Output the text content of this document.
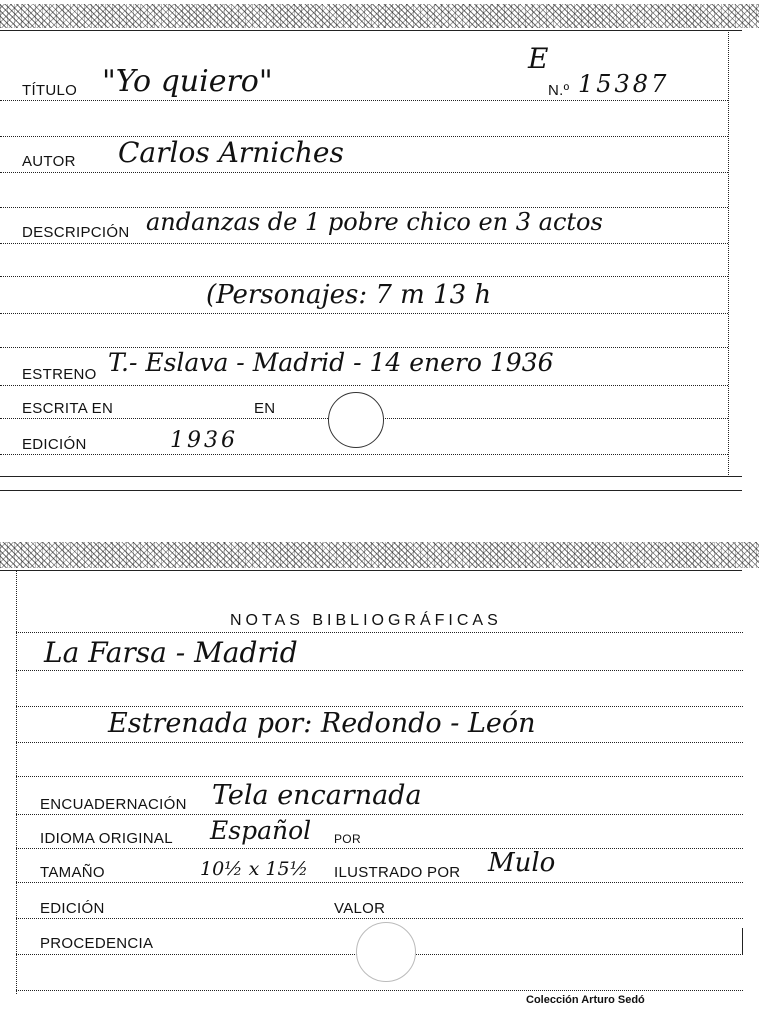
TÍTULO "Yo quiero"
E
N.º 15387
AUTOR Carlos Arniches
DESCRIPCIÓN andanzas de 1 pobre chico en 3 actos
(Personajes: 7 m 13 h
ESTRENO T.- Eslava - Madrid - 14 enero 1936
ESCRITA EN	EN
EDICIÓN	1936
NOTAS BIBLIOGRÁFICAS
La Farsa - Madrid
Estrenada por: Redondo - León
ENCUADERNACIÓN Tela encarnada
IDIOMA ORIGINAL Español POR
TAMAÑO	10½ x 15½ ILUSTRADO POR Mulo
EDICIÓN	VALOR
PROCEDENCIA
Colección Arturo Sedó
